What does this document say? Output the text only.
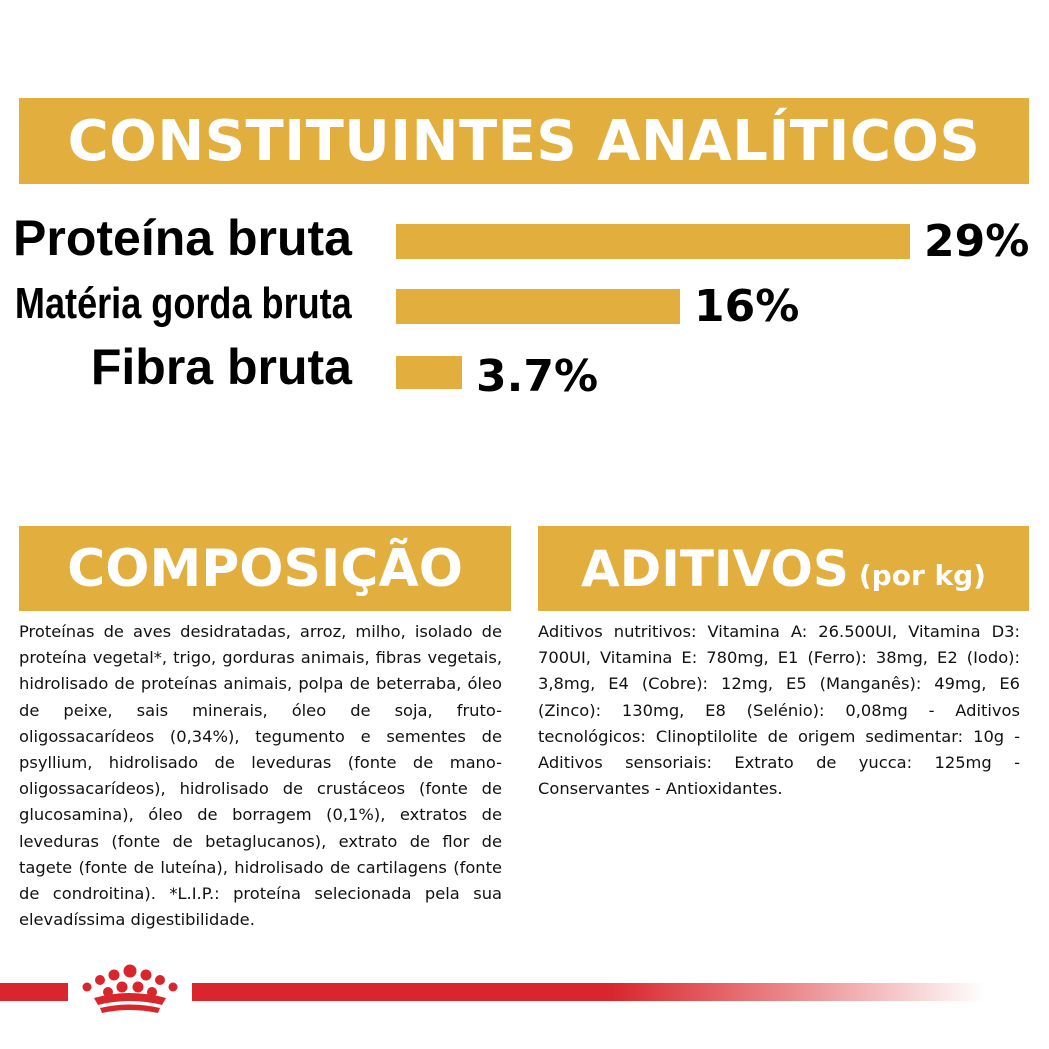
CONSTITUINTES ANALÍTICOS
Proteína bruta	29%
Matéria gorda bruta	16%
Fibra bruta	3.7%
COMPOSIÇÃO ADITIVOS (por kg)
Proteínas de aves desidratadas, arroz, milho, isolado de proteína vegetal*, trigo, gorduras animais, fibras vegetais, hidrolisado de proteínas animais, polpa de beterraba, óleo de peixe, sais minerais, óleo de soja, fruto-oligossacarídeos (0,34%), tegumento e sementes de psyllium, hidrolisado de leveduras (fonte de mano-oligossacarídeos), hidrolisado de crustáceos (fonte de glucosamina), óleo de borragem (0,1%), extratos de leveduras (fonte de betaglucanos), extrato de flor de tagete (fonte de luteína), hidrolisado de cartilagens (fonte de condroitina). *L.I.P.: proteína selecionada pela sua elevadíssima digestibilidade.
Aditivos nutritivos: Vitamina A: 26.500UI, Vitamina D3: 700UI, Vitamina E: 780mg, E1 (Ferro): 38mg, E2 (Iodo): 3,8mg, E4 (Cobre): 12mg, E5 (Manganês): 49mg, E6 (Zinco): 130mg, E8 (Selénio): 0,08mg - Aditivos tecnológicos: Clinoptilolite de origem sedimentar: 10g - Aditivos sensoriais: Extrato de yucca: 125mg - Conservantes - Antioxidantes.
